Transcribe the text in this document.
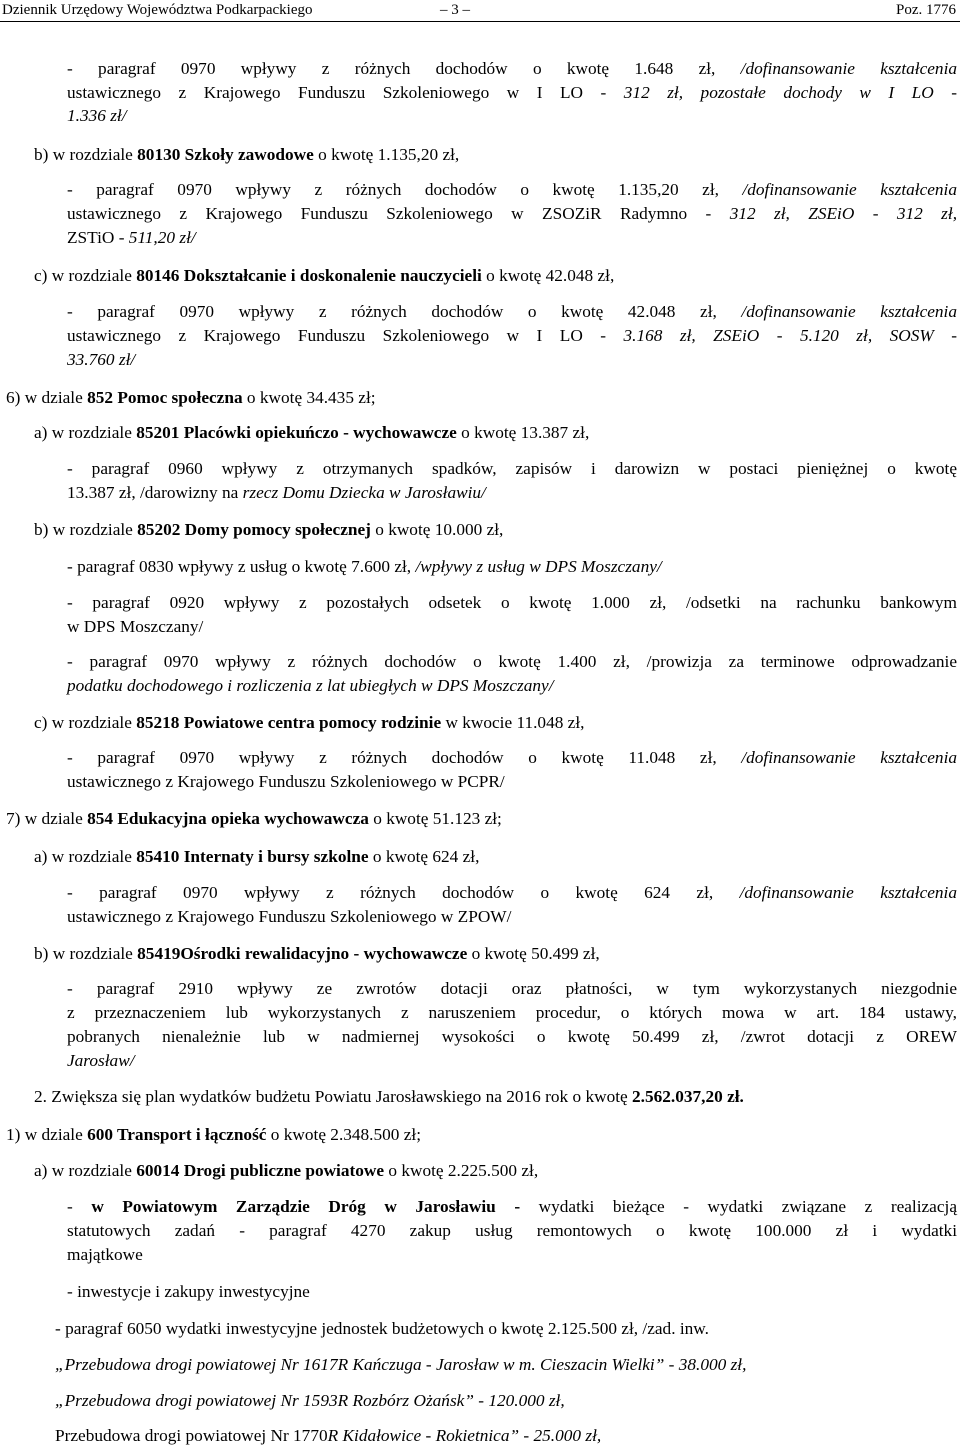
Dziennik Urzędowy Województwa Podkarpackiego	– 3 –	Poz. 1776
- paragraf 0970 wpływy z różnych dochodów o kwotę 1.648 zł, /dofinansowanie kształcenia
ustawicznego z Krajowego Funduszu Szkoleniowego w I LO - 312 zł, pozostałe dochody w I LO -
1.336 zł/
b) w rozdziale 80130 Szkoły zawodowe o kwotę 1.135,20 zł,
- paragraf 0970 wpływy z różnych dochodów o kwotę 1.135,20 zł, /dofinansowanie kształcenia
ustawicznego z Krajowego Funduszu Szkoleniowego w ZSOZiR Radymno - 312 zł, ZSEiO - 312 zł,
ZSTiO - 511,20 zł/
c) w rozdziale 80146 Dokształcanie i doskonalenie nauczycieli o kwotę 42.048 zł,
- paragraf 0970 wpływy z różnych dochodów o kwotę 42.048 zł, /dofinansowanie kształcenia
ustawicznego z Krajowego Funduszu Szkoleniowego w I LO - 3.168 zł, ZSEiO - 5.120 zł, SOSW -
33.760 zł/
6) w dziale 852 Pomoc społeczna o kwotę 34.435 zł;
a) w rozdziale 85201 Placówki opiekuńczo - wychowawcze o kwotę 13.387 zł,
- paragraf 0960 wpływy z otrzymanych spadków, zapisów i darowizn w postaci pieniężnej o kwotę
13.387 zł, /darowizny na rzecz Domu Dziecka w Jarosławiu/
b) w rozdziale 85202 Domy pomocy społecznej o kwotę 10.000 zł,
- paragraf 0830 wpływy z usług o kwotę 7.600 zł, /wpływy z usług w DPS Moszczany/
- paragraf 0920 wpływy z pozostałych odsetek o kwotę 1.000 zł, /odsetki na rachunku bankowym
w DPS Moszczany/
- paragraf 0970 wpływy z różnych dochodów o kwotę 1.400 zł, /prowizja za terminowe odprowadzanie
podatku dochodowego i rozliczenia z lat ubiegłych w DPS Moszczany/
c) w rozdziale 85218 Powiatowe centra pomocy rodzinie w kwocie 11.048 zł,
- paragraf 0970 wpływy z różnych dochodów o kwotę 11.048 zł, /dofinansowanie kształcenia
ustawicznego z Krajowego Funduszu Szkoleniowego w PCPR/
7) w dziale 854 Edukacyjna opieka wychowawcza o kwotę 51.123 zł;
a) w rozdziale 85410 Internaty i bursy szkolne o kwotę 624 zł,
- paragraf 0970 wpływy z różnych dochodów o kwotę 624 zł, /dofinansowanie kształcenia
ustawicznego z Krajowego Funduszu Szkoleniowego w ZPOW/
b) w rozdziale 85419Ośrodki rewalidacyjno - wychowawcze o kwotę 50.499 zł,
- paragraf 2910 wpływy ze zwrotów dotacji oraz płatności, w tym wykorzystanych niezgodnie
z przeznaczeniem lub wykorzystanych z naruszeniem procedur, o których mowa w art. 184 ustawy,
pobranych nienależnie lub w nadmiernej wysokości o kwotę 50.499 zł, /zwrot dotacji z OREW
Jarosław/
2. Zwiększa się plan wydatków budżetu Powiatu Jarosławskiego na 2016 rok o kwotę 2.562.037,20 zł.
1) w dziale 600 Transport i łączność o kwotę 2.348.500 zł;
a) w rozdziale 60014 Drogi publiczne powiatowe o kwotę 2.225.500 zł,
- w Powiatowym Zarządzie Dróg w Jarosławiu - wydatki bieżące - wydatki związane z realizacją
statutowych zadań - paragraf 4270 zakup usług remontowych o kwotę 100.000 zł i wydatki
majątkowe
- inwestycje i zakupy inwestycyjne
- paragraf 6050 wydatki inwestycyjne jednostek budżetowych o kwotę 2.125.500 zł, /zad. inw.
„Przebudowa drogi powiatowej Nr 1617R Kańczuga - Jarosław w m. Cieszacin Wielki” - 38.000 zł,
„Przebudowa drogi powiatowej Nr 1593R Rozbórz Ożańsk” - 120.000 zł,
Przebudowa drogi powiatowej Nr 1770R Kidałowice - Rokietnica” - 25.000 zł,
